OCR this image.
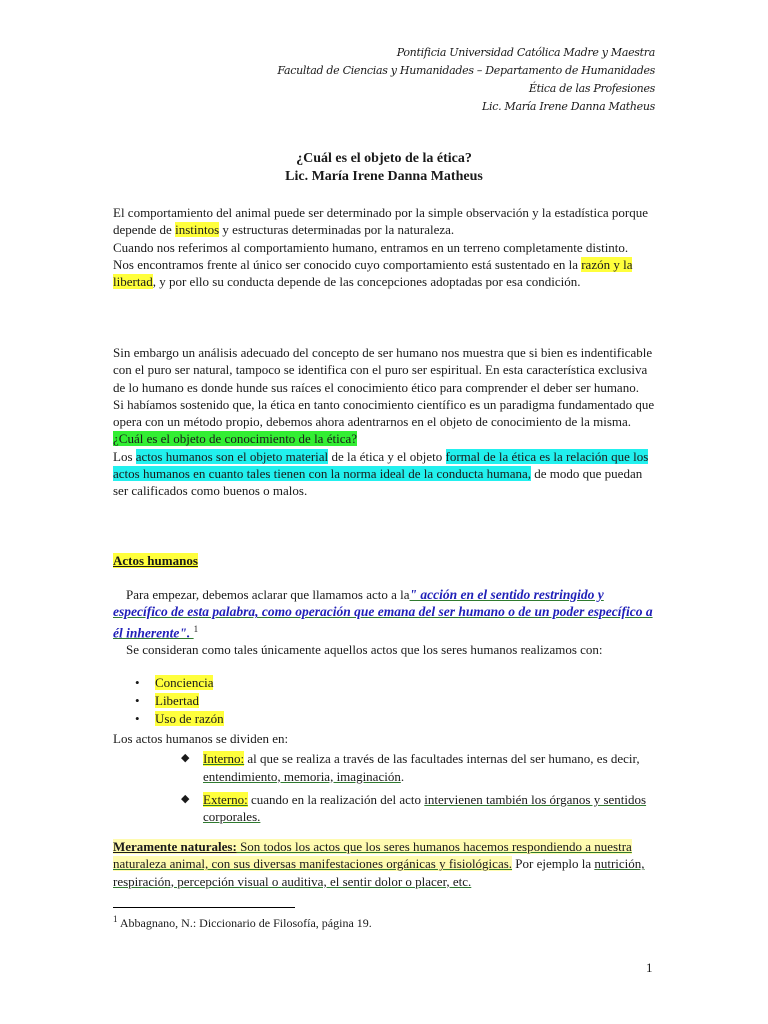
Pontificia Universidad Católica Madre y Maestra
Facultad de Ciencias y Humanidades – Departamento de Humanidades
Ética de las Profesiones
Lic. María Irene Danna Matheus
¿Cuál es el objeto de la ética?
Lic. María Irene Danna Matheus

El comportamiento del animal puede ser determinado por la simple observación y la estadística porque depende de instintos y estructuras determinadas por la naturaleza.

Cuando nos referimos al comportamiento humano, entramos en un terreno completamente distinto.

Nos encontramos frente al único ser conocido cuyo comportamiento está sustentado en la razón y la libertad, y por ello su conducta depende de las concepciones adoptadas por esa condición.

Sin embargo un análisis adecuado del concepto de ser humano nos muestra que si bien es indentificable con el puro ser natural, tampoco se identifica con el puro ser espiritual. En esta característica exclusiva de lo humano es donde hunde sus raíces el conocimiento ético para comprender el deber ser humano.

Si habíamos sostenido que, la ética en tanto conocimiento científico es un paradigma fundamentado que opera con un método propio, debemos ahora adentrarnos en el objeto de conocimiento de la misma.

¿Cuál es el objeto de conocimiento de la ética?

Los actos humanos son el objeto material de la ética y el objeto formal de la ética es la relación que los actos humanos en cuanto tales tienen con la norma ideal de la conducta humana, de modo que puedan ser calificados como buenos o malos.

Actos humanos

Para empezar, debemos aclarar que llamamos acto a la" acción en el sentido restringido y específico de esta palabra, como operación que emana del ser humano o de un poder específico a él inherente". $^1$

Se consideran como tales únicamente aquellos actos que los seres humanos realizamos con:

• Conciencia
• Libertad
• Uso de razón

Los actos humanos se dividen en:

◆ Interno: al que se realiza a través de las facultades internas del ser humano, es decir, entendimiento, memoria, imaginación.
◆ Externo: cuando en la realización del acto intervienen también los órganos y sentidos corporales.

Meramente naturales: Son todos los actos que los seres humanos hacemos respondiendo a nuestra naturaleza animal, con sus diversas manifestaciones orgánicas y fisiológicas. Por ejemplo la nutrición, respiración, percepción visual o auditiva, el sentir dolor o placer, etc.

$^1$ Abbagnano, N.: Diccionario de Filosofía, página 19.
1
